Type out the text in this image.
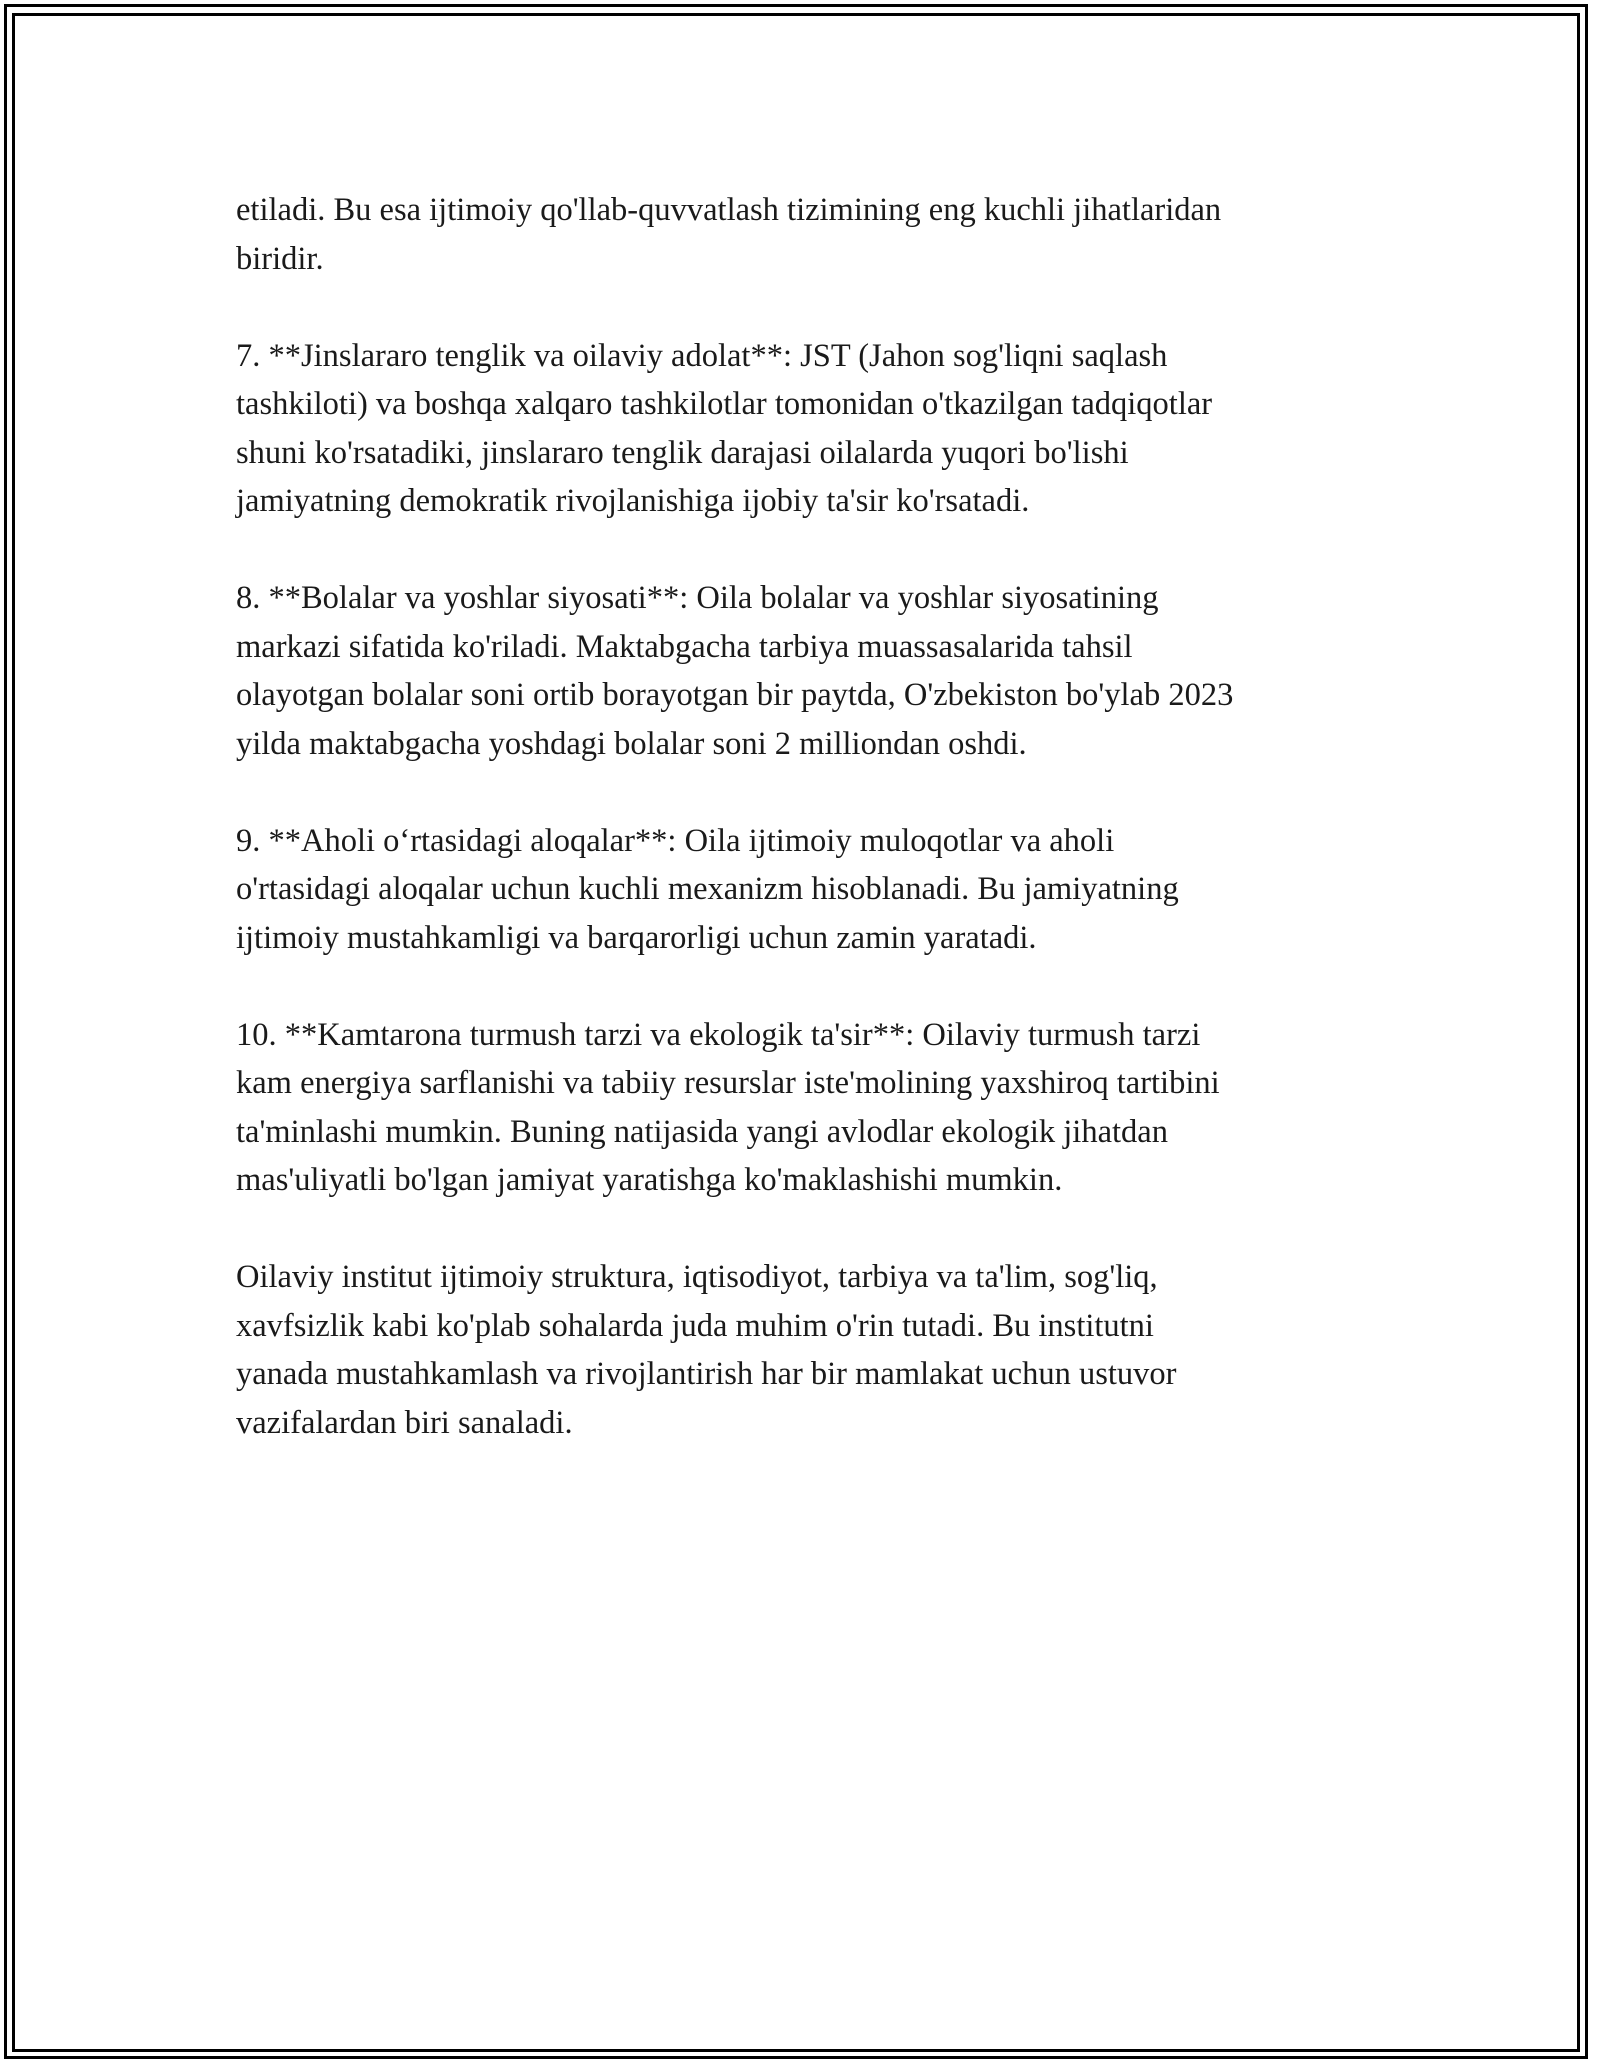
etiladi. Bu esa ijtimoiy qo'llab-quvvatlash tizimining eng kuchli jihatlaridan
biridir.

7. **Jinslararo tenglik va oilaviy adolat**: JST (Jahon sog'liqni saqlash
tashkiloti) va boshqa xalqaro tashkilotlar tomonidan o'tkazilgan tadqiqotlar
shuni ko'rsatadiki, jinslararo tenglik darajasi oilalarda yuqori bo'lishi
jamiyatning demokratik rivojlanishiga ijobiy ta'sir ko'rsatadi.

8. **Bolalar va yoshlar siyosati**: Oila bolalar va yoshlar siyosatining
markazi sifatida ko'riladi. Maktabgacha tarbiya muassasalarida tahsil
olayotgan bolalar soni ortib borayotgan bir paytda, O'zbekiston bo'ylab 2023
yilda maktabgacha yoshdagi bolalar soni 2 milliondan oshdi.

9. **Aholi o‘rtasidagi aloqalar**: Oila ijtimoiy muloqotlar va aholi
o'rtasidagi aloqalar uchun kuchli mexanizm hisoblanadi. Bu jamiyatning
ijtimoiy mustahkamligi va barqarorligi uchun zamin yaratadi.

10. **Kamtarona turmush tarzi va ekologik ta'sir**: Oilaviy turmush tarzi
kam energiya sarflanishi va tabiiy resurslar iste'molining yaxshiroq tartibini
ta'minlashi mumkin. Buning natijasida yangi avlodlar ekologik jihatdan
mas'uliyatli bo'lgan jamiyat yaratishga ko'maklashishi mumkin.

Oilaviy institut ijtimoiy struktura, iqtisodiyot, tarbiya va ta'lim, sog'liq,
xavfsizlik kabi ko'plab sohalarda juda muhim o'rin tutadi. Bu institutni
yanada mustahkamlash va rivojlantirish har bir mamlakat uchun ustuvor
vazifalardan biri sanaladi.
